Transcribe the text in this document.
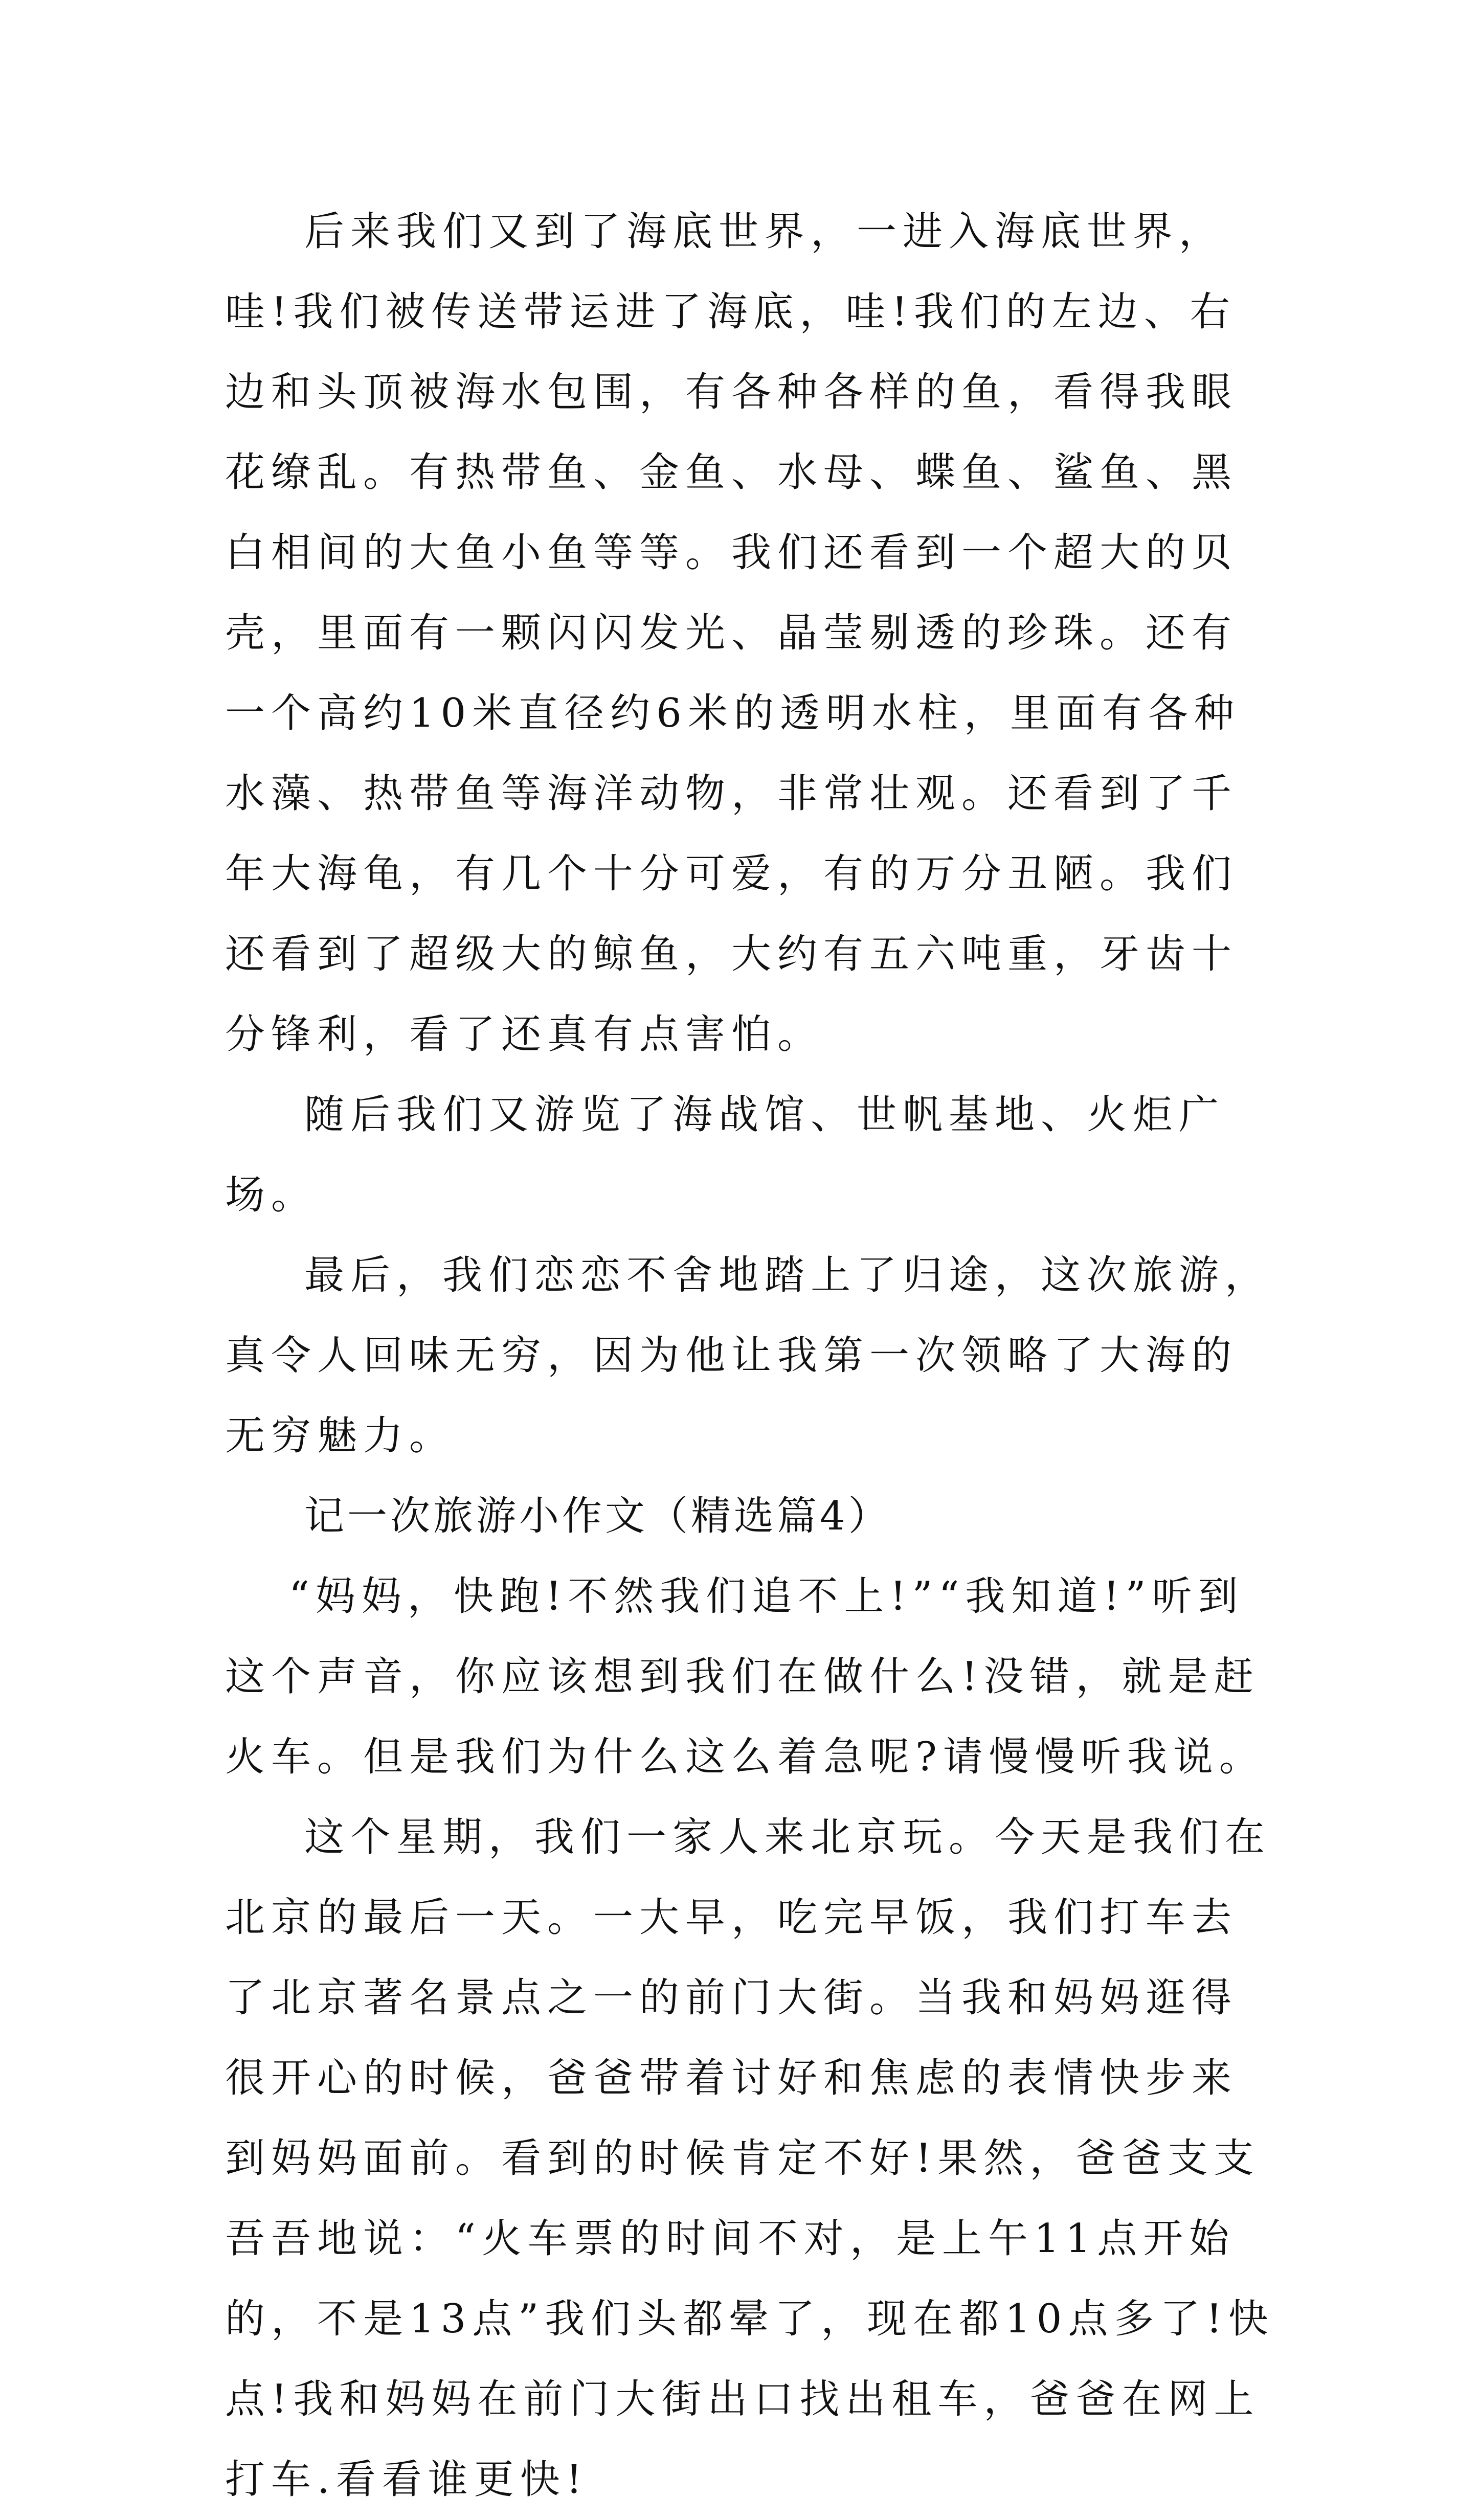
后来我们又到了海底世界，一进入海底世界，哇!我们被传送带运进了海底，哇!我们的左边、右边和头顶被海水包围，有各种各样的鱼，看得我眼花缭乱。有热带鱼、金鱼、水母、蝶鱼、鲨鱼、黑白相间的大鱼小鱼等等。我们还看到一个超大的贝壳，里面有一颗闪闪发光、晶莹剔透的珍珠。还有一个高约10米直径约6米的透明水柱，里面有各种水藻、热带鱼等海洋动物，非常壮观。还看到了千年大海龟，有几个十分可爱，有的万分丑陋。我们还看到了超级大的鲸鱼，大约有五六吨重，牙齿十分锋利，看了还真有点害怕。

随后我们又游览了海战馆、世帆基地、火炬广场。

最后，我们恋恋不舍地踏上了归途，这次旅游，真令人回味无穷，因为他让我第一次领略了大海的无穷魅力。

记一次旅游小作文（精选篇4）

“妈妈，快跑!不然我们追不上!”“我知道!”听到这个声音，你应该想到我们在做什么!没错，就是赶火车。但是我们为什么这么着急呢?请慢慢听我说。

这个星期，我们一家人来北京玩。今天是我们在北京的最后一天。一大早，吃完早饭，我们打车去了北京著名景点之一的前门大街。当我和妈妈逛得很开心的时候，爸爸带着讨好和焦虑的表情快步来到妈妈面前。看到的时候肯定不好!果然，爸爸支支吾吾地说：“火车票的时间不对，是上午11点开始的，不是13点”我们头都晕了，现在都10点多了!快点!我和妈妈在前门大街出口找出租车，爸爸在网上打车.看看谁更快!
